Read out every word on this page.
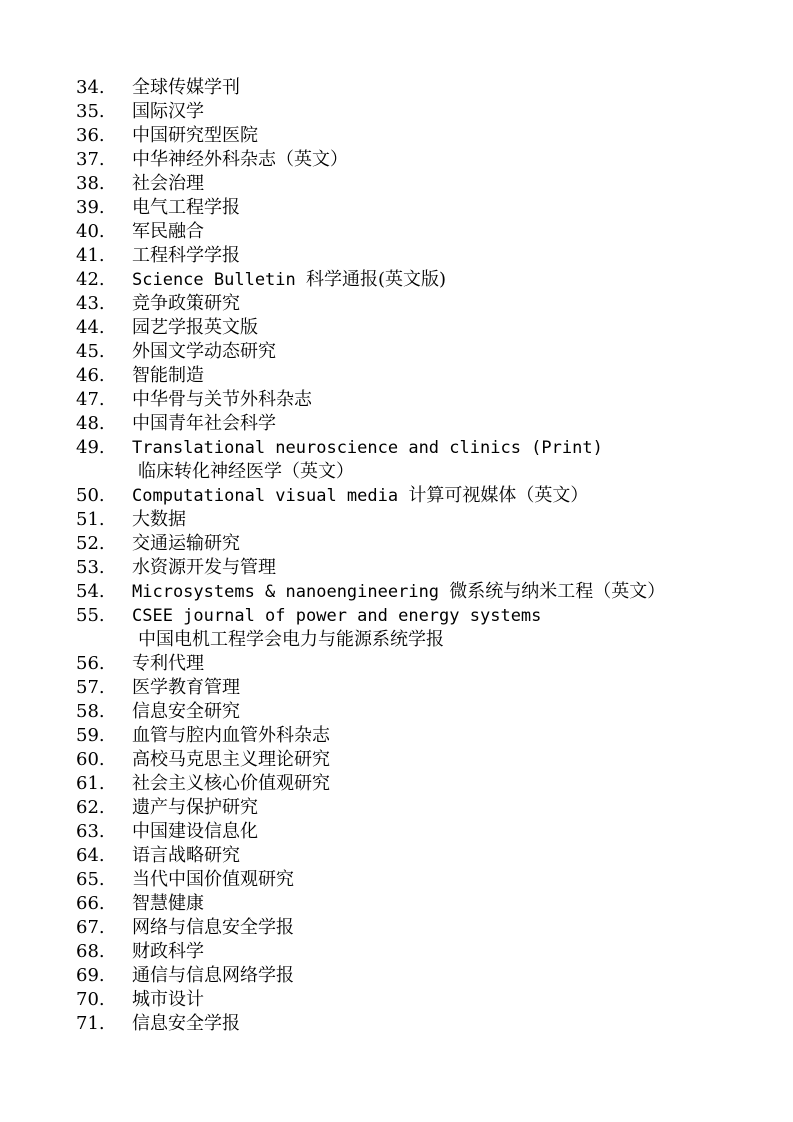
34.	全球传媒学刊
35.	国际汉学
36.	中国研究型医院
37.	中华神经外科杂志（英文）
38.	社会治理
39.	电气工程学报
40.	军民融合
41.	工程科学学报
42.	Science Bulletin 科学通报(英文版)
43.	竞争政策研究
44.	园艺学报英文版
45.	外国文学动态研究
46.	智能制造
47.	中华骨与关节外科杂志
48.	中国青年社会科学
49.	Translational neuroscience and clinics (Print)
临床转化神经医学（英文）
50.	Computational visual media 计算可视媒体（英文）
51.	大数据
52.	交通运输研究
53.	水资源开发与管理
54.	Microsystems & nanoengineering 微系统与纳米工程（英文）
55.	CSEE journal of power and energy systems
中国电机工程学会电力与能源系统学报
56.	专利代理
57.	医学教育管理
58.	信息安全研究
59.	血管与腔内血管外科杂志
60.	高校马克思主义理论研究
61.	社会主义核心价值观研究
62.	遗产与保护研究
63.	中国建设信息化
64.	语言战略研究
65.	当代中国价值观研究
66.	智慧健康
67.	网络与信息安全学报
68.	财政科学
69.	通信与信息网络学报
70.	城市设计
71.	信息安全学报
